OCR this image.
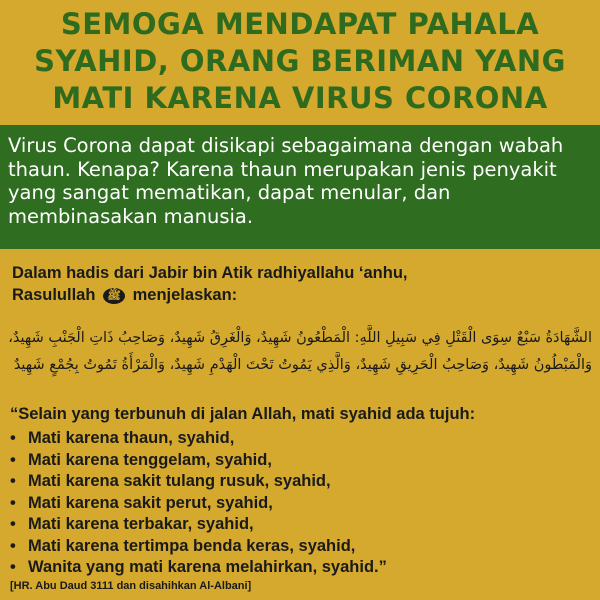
SEMOGA MENDAPAT PAHALA
SYAHID, ORANG BERIMAN YANG
MATI KARENA VIRUS CORONA

Virus Corona dapat disikapi sebagaimana dengan wabah thaun. Kenapa? Karena thaun merupakan jenis penyakit yang sangat mematikan, dapat menular, dan membinasakan manusia.

Dalam hadis dari Jabir bin Atik radhiyallahu ‘anhu,
Rasulullah ﷺ menjelaskan:
الشَّهَادَةُ سَبْعٌ سِوَى الْقَتْلِ فِي سَبِيلِ اللَّهِ: الْمَطْعُونُ شَهِيدٌ، وَالْغَرِقُ شَهِيدٌ، وَصَاحِبُ ذَاتِ الْجَنْبِ شَهِيدٌ،
وَالْمَبْطُونُ شَهِيدٌ، وَصَاحِبُ الْحَرِيقِ شَهِيدٌ، وَالَّذِي يَمُوتُ تَحْتَ الْهَدْمِ شَهِيدٌ، وَالْمَرْأَةُ تَمُوتُ بِجُمْعٍ شَهِيدٌ
“Selain yang terbunuh di jalan Allah, mati syahid ada tujuh:
• Mati karena thaun, syahid,
• Mati karena tenggelam, syahid,
• Mati karena sakit tulang rusuk, syahid,
• Mati karena sakit perut, syahid,
• Mati karena terbakar, syahid,
• Mati karena tertimpa benda keras, syahid,
• Wanita yang mati karena melahirkan, syahid.”
[HR. Abu Daud 3111 dan disahihkan Al-Albani]
